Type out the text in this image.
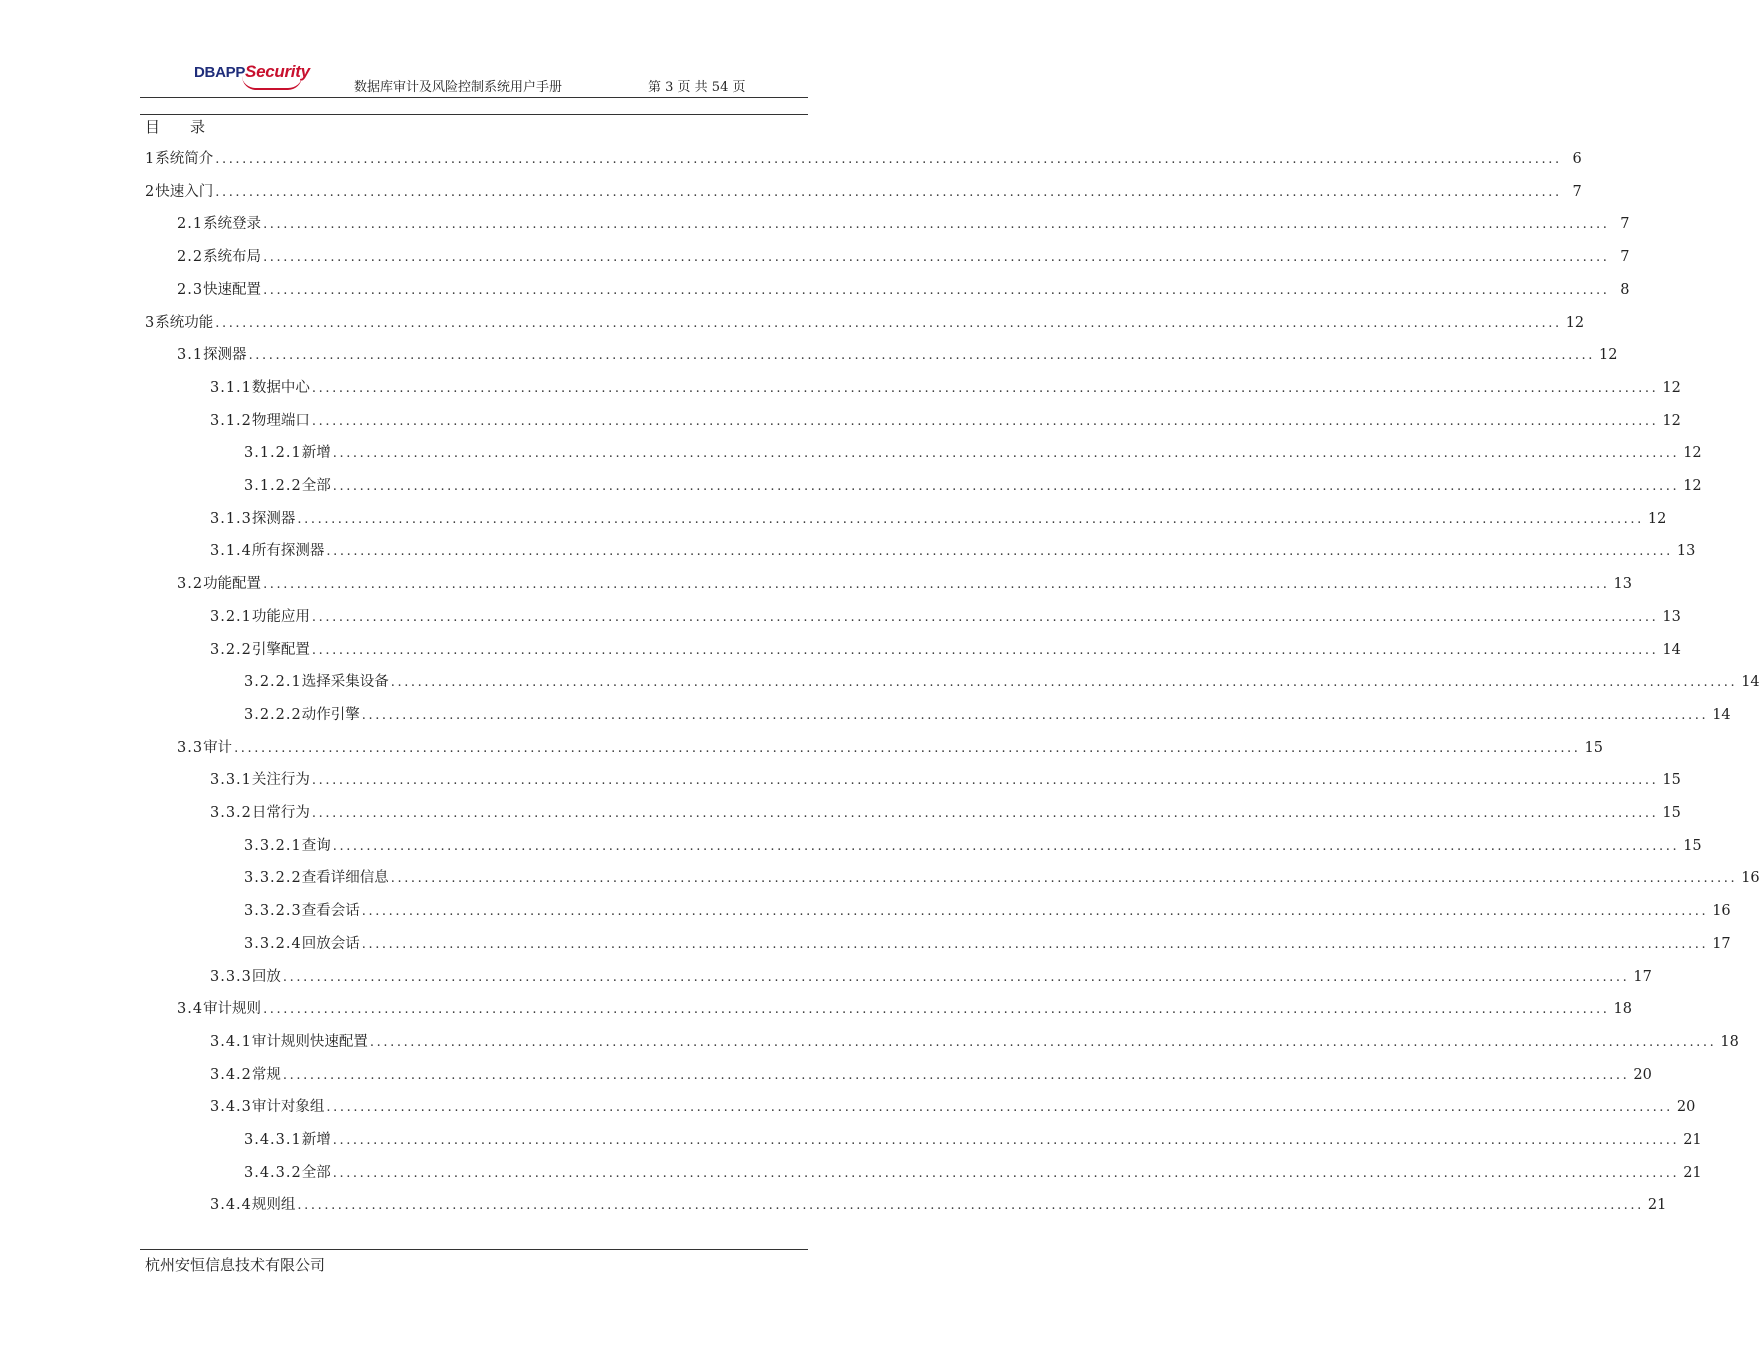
DBAPPSecurity
数据库审计及风险控制系统用户手册	第 3 页 共 54 页
目　　录
1 系统简介 ........................................................................................................................................................................................................ 6
2 快速入门 ........................................................................................................................................................................................................ 7
2.1 系统登录 ........................................................................................................................................................................................................ 7
2.2 系统布局 ........................................................................................................................................................................................................ 7
2.3 快速配置 ........................................................................................................................................................................................................ 8
3 系统功能 ........................................................................................................................................................................................................ 12
3.1 探测器 ........................................................................................................................................................................................................ 12
3.1.1 数据中心 ........................................................................................................................................................................................................ 12
3.1.2 物理端口 ........................................................................................................................................................................................................ 12
3.1.2.1 新增 ........................................................................................................................................................................................................ 12
3.1.2.2 全部 ........................................................................................................................................................................................................ 12
3.1.3 探测器 ........................................................................................................................................................................................................ 12
3.1.4 所有探测器 ........................................................................................................................................................................................................ 13
3.2 功能配置 ........................................................................................................................................................................................................ 13
3.2.1 功能应用 ........................................................................................................................................................................................................ 13
3.2.2 引擎配置 ........................................................................................................................................................................................................ 14
3.2.2.1 选择采集设备 ........................................................................................................................................................................................................ 14
3.2.2.2 动作引擎 ........................................................................................................................................................................................................ 14
3.3 审计 ........................................................................................................................................................................................................ 15
3.3.1 关注行为 ........................................................................................................................................................................................................ 15
3.3.2 日常行为 ........................................................................................................................................................................................................ 15
3.3.2.1 查询 ........................................................................................................................................................................................................ 15
3.3.2.2 查看详细信息 ........................................................................................................................................................................................................ 16
3.3.2.3 查看会话 ........................................................................................................................................................................................................ 16
3.3.2.4 回放会话 ........................................................................................................................................................................................................ 17
3.3.3 回放 ........................................................................................................................................................................................................ 17
3.4 审计规则 ........................................................................................................................................................................................................ 18
3.4.1 审计规则快速配置 ........................................................................................................................................................................................................ 18
3.4.2 常规 ........................................................................................................................................................................................................ 20
3.4.3 审计对象组 ........................................................................................................................................................................................................ 20
3.4.3.1 新增 ........................................................................................................................................................................................................ 21
3.4.3.2 全部 ........................................................................................................................................................................................................ 21
3.4.4 规则组 ........................................................................................................................................................................................................ 21
杭州安恒信息技术有限公司
